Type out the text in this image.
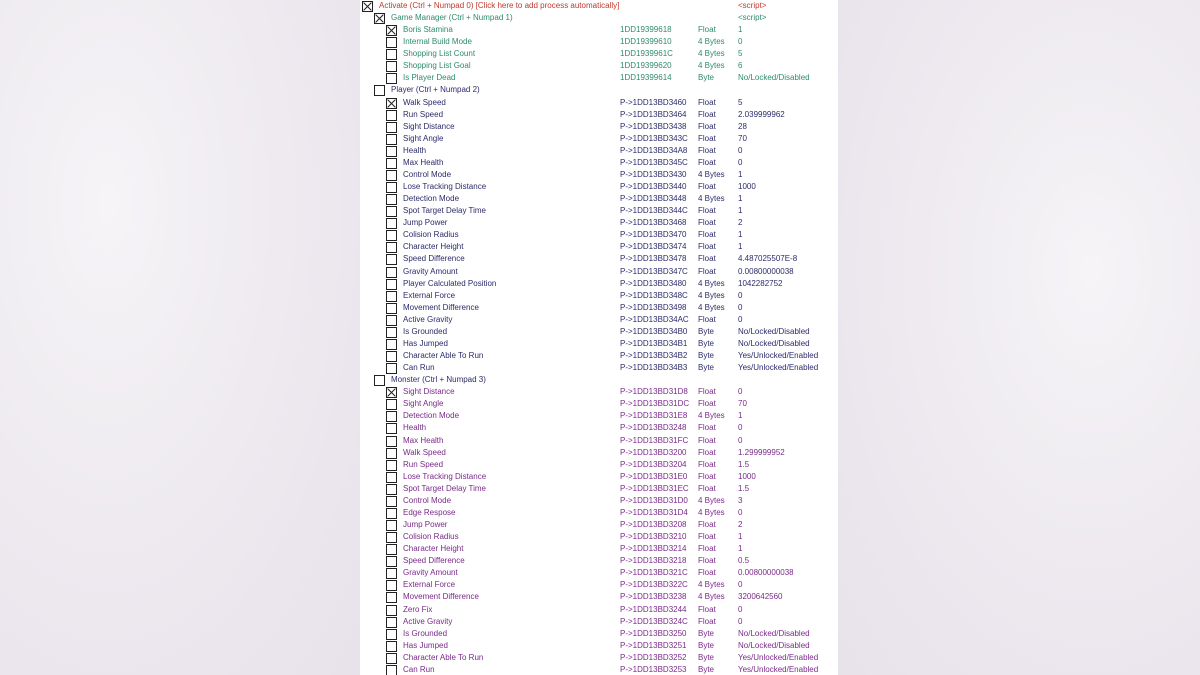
Activate (Ctrl + Numpad 0) [Click here to add process automatically]	<script>
Game Manager (Ctrl + Numpad 1)	<script>
Boris Stamina	1DD19399618	Float	1
Internal Build Mode	1DD19399610	4 Bytes 0
Shopping List Count	1DD1939961C	4 Bytes 5
Shopping List Goal	1DD19399620	4 Bytes 6
Is Player Dead	1DD19399614	Byte	No/Locked/Disabled
Player (Ctrl + Numpad 2)
Walk Speed	P->1DD13BD3460 Float	5
Run Speed	P->1DD13BD3464 Float	2.039999962
Sight Distance	P->1DD13BD3438 Float	28
Sight Angle	P->1DD13BD343C Float	70
Health	P->1DD13BD34A8 Float	0
Max Health	P->1DD13BD345C Float	0
Control Mode	P->1DD13BD3430 4 Bytes 1
Lose Tracking Distance	P->1DD13BD3440 Float	1000
Detection Mode	P->1DD13BD3448 4 Bytes 1
Spot Target Delay Time	P->1DD13BD344C Float	1
Jump Power	P->1DD13BD3468 Float	2
Colision Radius	P->1DD13BD3470 Float	1
Character Height	P->1DD13BD3474 Float	1
Speed Difference	P->1DD13BD3478 Float	4.487025507E-8
Gravity Amount	P->1DD13BD347C Float	0.00800000038
Player Calculated Position	P->1DD13BD3480 4 Bytes 1042282752
External Force	P->1DD13BD348C 4 Bytes 0
Movement Difference	P->1DD13BD3498 4 Bytes 0
Active Gravity	P->1DD13BD34AC Float	0
Is Grounded	P->1DD13BD34B0 Byte	No/Locked/Disabled
Has Jumped	P->1DD13BD34B1 Byte	No/Locked/Disabled
Character Able To Run	P->1DD13BD34B2 Byte	Yes/Unlocked/Enabled
Can Run	P->1DD13BD34B3 Byte	Yes/Unlocked/Enabled
Monster (Ctrl + Numpad 3)
Sight Distance	P->1DD13BD31D8 Float	0
Sight Angle	P->1DD13BD31DC Float	70
Detection Mode	P->1DD13BD31E8 4 Bytes 1
Health	P->1DD13BD3248 Float	0
Max Health	P->1DD13BD31FC Float	0
Walk Speed	P->1DD13BD3200 Float	1.299999952
Run Speed	P->1DD13BD3204 Float	1.5
Lose Tracking Distance	P->1DD13BD31E0 Float	1000
Spot Target Delay Time	P->1DD13BD31EC Float	1.5
Control Mode	P->1DD13BD31D0 4 Bytes 3
Edge Respose	P->1DD13BD31D4 4 Bytes 0
Jump Power	P->1DD13BD3208 Float	2
Colision Radius	P->1DD13BD3210 Float	1
Character Height	P->1DD13BD3214 Float	1
Speed Difference	P->1DD13BD3218 Float	0.5
Gravity Amount	P->1DD13BD321C Float	0.00800000038
External Force	P->1DD13BD322C 4 Bytes 0
Movement Difference	P->1DD13BD3238 4 Bytes 3200642560
Zero Fix	P->1DD13BD3244 Float	0
Active Gravity	P->1DD13BD324C Float	0
Is Grounded	P->1DD13BD3250 Byte	No/Locked/Disabled
Has Jumped	P->1DD13BD3251 Byte	No/Locked/Disabled
Character Able To Run	P->1DD13BD3252 Byte	Yes/Unlocked/Enabled
Can Run	P->1DD13BD3253 Byte	Yes/Unlocked/Enabled
